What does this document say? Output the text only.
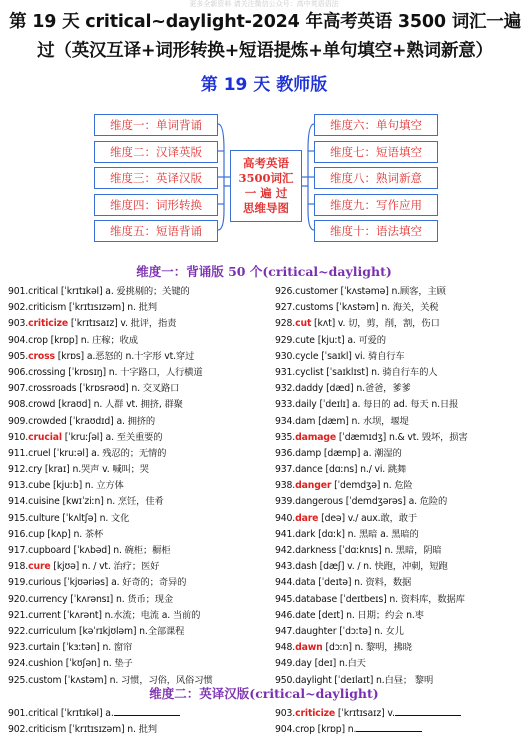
更多全新资料 请关注微信公众号：高中英语语法
第 19 天 critical~daylight-2024 年高考英语 3500 词汇一遍
过（英汉互译+词形转换+短语提炼+单句填空+熟词新意）
第 19 天 教师版
维度一：单词背诵
维度二：汉译英版
维度三：英译汉版
维度四：词形转换
维度五：短语背诵
高考英语
3500词汇
一 遍 过
思维导图
维度六：单句填空
维度七：短语填空
维度八：熟词新意
维度九：写作应用
维度十：语法填空
维度一：背诵版 50 个(critical~daylight)
901.critical [ˈkrɪtɪkəl] a. 爱挑剔的；关键的
902.criticism [ˈkrɪtɪsɪzəm] n. 批判
903.criticize [ˈkrɪtɪsaɪz] v. 批评，指责
904.crop [krɒp] n. 庄稼；收成
905.cross [krɒs] a.恶怒的 n.十字形 vt.穿过
906.crossing [ˈkrɒsɪŋ] n. 十字路口，人行横道
907.crossroads [ˈkrɒsrəʊd] n. 交叉路口
908.crowd [kraʊd] n. 人群 vt. 拥挤, 群聚
909.crowded [ˈkraʊdɪd] a. 拥挤的
910.crucial [ˈkruːʃəl] a. 至关重要的
911.cruel [ˈkruːəl] a. 残忍的；无情的
912.cry [kraɪ] n.哭声 v. 喊叫；哭
913.cube [kjuːb] n. 立方体
914.cuisine [kwɪˈziːn] n. 烹饪，佳肴
915.culture [ˈkʌltʃə] n. 文化
916.cup [kʌp] n. 茶杯
917.cupboard [ˈkʌbəd] n. 碗柜；橱柜
918.cure [kjʊə] n. / vt. 治疗；医好
919.curious [ˈkjʊəriəs] a. 好奇的；奇异的
920.currency [ˈkʌrənsɪ] n. 货币；现金
921.current [ˈkʌrənt] n.水流；电流 a. 当前的
922.curriculum [kəˈrɪkjʊləm] n.全部课程
923.curtain [ˈkɜːtən] n. 窗帘
924.cushion [ˈkʊʃən] n. 垫子
925.custom [ˈkʌstəm] n. 习惯，习俗，风俗习惯
926.customer [ˈkʌstəmə] n.顾客，主顾
927.customs [ˈkʌstəm] n. 海关，关税
928.cut [kʌt] v. 切，剪，削，割，伤口
929.cute [kjuːt] a. 可爱的
930.cycle [ˈsaɪkl] vi. 骑自行车
931.cyclist [ˈsaɪklɪst] n. 骑自行车的人
932.daddy [dæd] n.爸爸，爹爹
933.daily [ˈdeɪlɪ] a. 每日的 ad. 每天 n.日报
934.dam [dæm] n. 水坝，堰堤
935.damage [ˈdæmɪdʒ] n.& vt. 毁坏，损害
936.damp [dæmp] a. 潮湿的
937.dance [dɑːns] n./ vi. 跳舞
938.danger [ˈdemdʒə] n. 危险
939.dangerous [ˈdemdʒərəs] a. 危险的
940.dare [deə] v./ aux.敢，敢于
941.dark [dɑːk] n. 黑暗 a. 黑暗的
942.darkness [ˈdɑːknɪs] n. 黑暗，阴暗
943.dash [dæʃ] v. / n. 快跑，冲刺，短跑
944.data [ˈdeɪtə] n. 资料，数据
945.database [ˈdeɪtbeɪs] n. 资料库，数据库
946.date [deɪt] n. 日期；约会 n.枣
947.daughter [ˈdɔːtə] n. 女儿
948.dawn [dɔːn] n. 黎明，拂晓
949.day [deɪ] n.白天
950.daylight [ˈdeɪlaɪt] n.白昼； 黎明
维度二：英译汉版(critical~daylight)
901.critical [ˈkrɪtɪkəl] a.
902.criticism [ˈkrɪtɪsɪzəm] n. 批判
903.criticize [ˈkrɪtɪsaɪz] v.
904.crop [krɒp] n.
